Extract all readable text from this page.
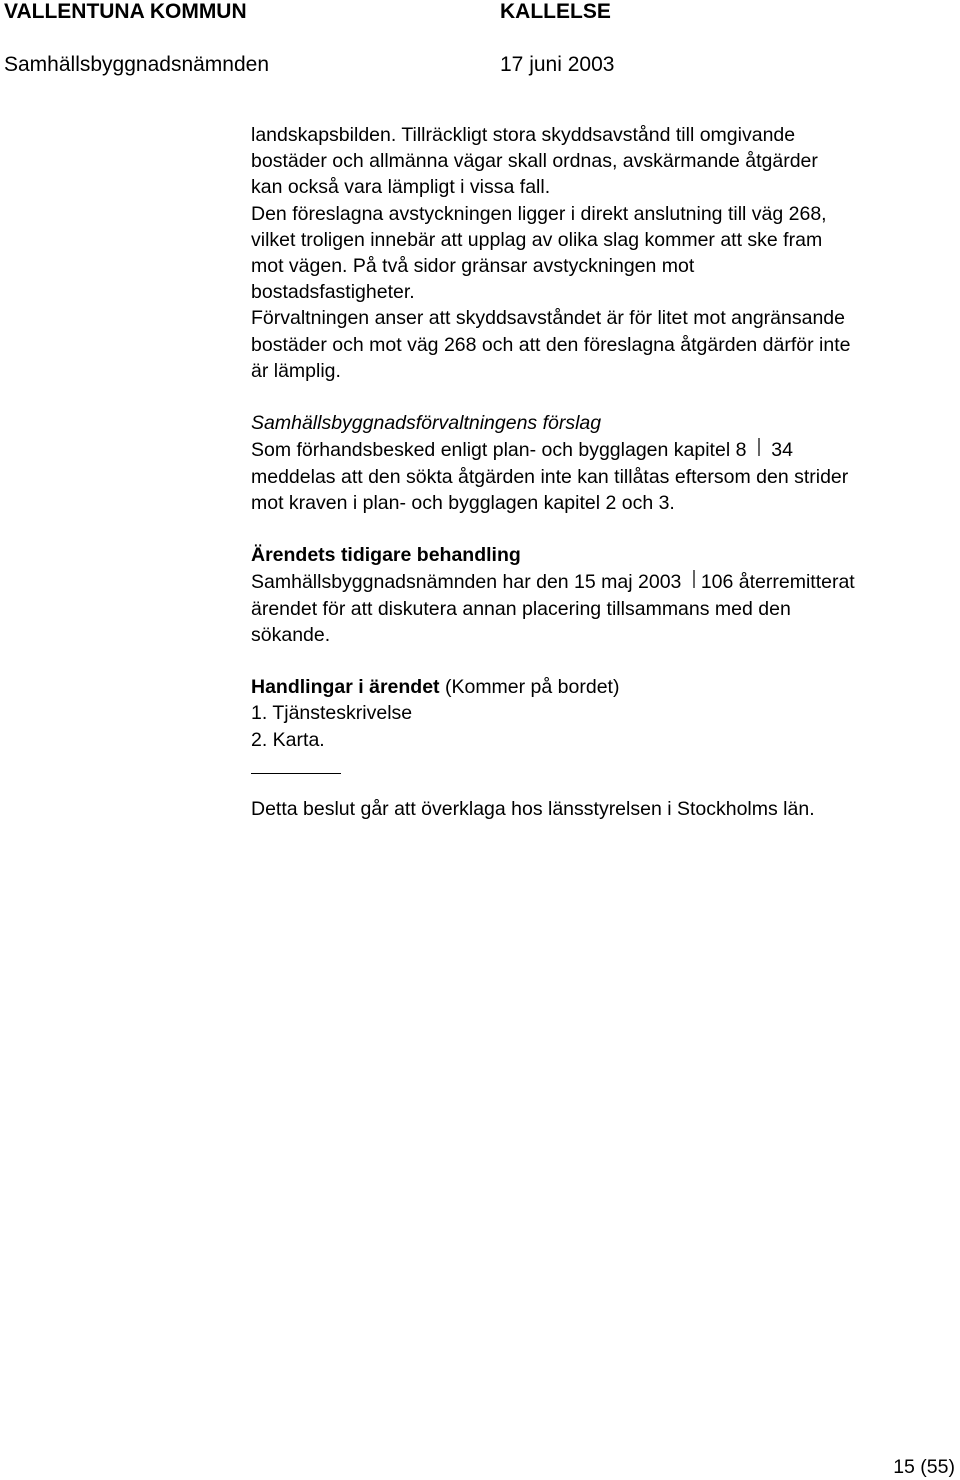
VALLENTUNA KOMMUN	KALLELSE
Samhällsbyggnadsnämnden	17 juni 2003

landskapsbilden. Tillräckligt stora skyddsavstånd till omgivande

bostäder och allmänna vägar skall ordnas, avskärmande åtgärder

kan också vara lämpligt i vissa fall.

Den föreslagna avstyckningen ligger i direkt anslutning till väg 268,

vilket troligen innebär att upplag av olika slag kommer att ske fram

mot vägen. På två sidor gränsar avstyckningen mot

bostadsfastigheter.

Förvaltningen anser att skyddsavståndet är för litet mot angränsande

bostäder och mot väg 268 och att den föreslagna åtgärden därför inte

är lämplig.

Samhällsbyggnadsförvaltningens förslag

Som förhandsbesked enligt plan- och bygglagen kapitel 8 34

meddelas att den sökta åtgärden inte kan tillåtas eftersom den strider

mot kraven i plan- och bygglagen kapitel 2 och 3.

Ärendets tidigare behandling

Samhällsbyggnadsnämnden har den 15 maj 2003 106 återremitterat

ärendet för att diskutera annan placering tillsammans med den

sökande.

Handlingar i ärendet (Kommer på bordet)

1. Tjänsteskrivelse

2. Karta.

Detta beslut går att överklaga hos länsstyrelsen i Stockholms län.

15 (55)
